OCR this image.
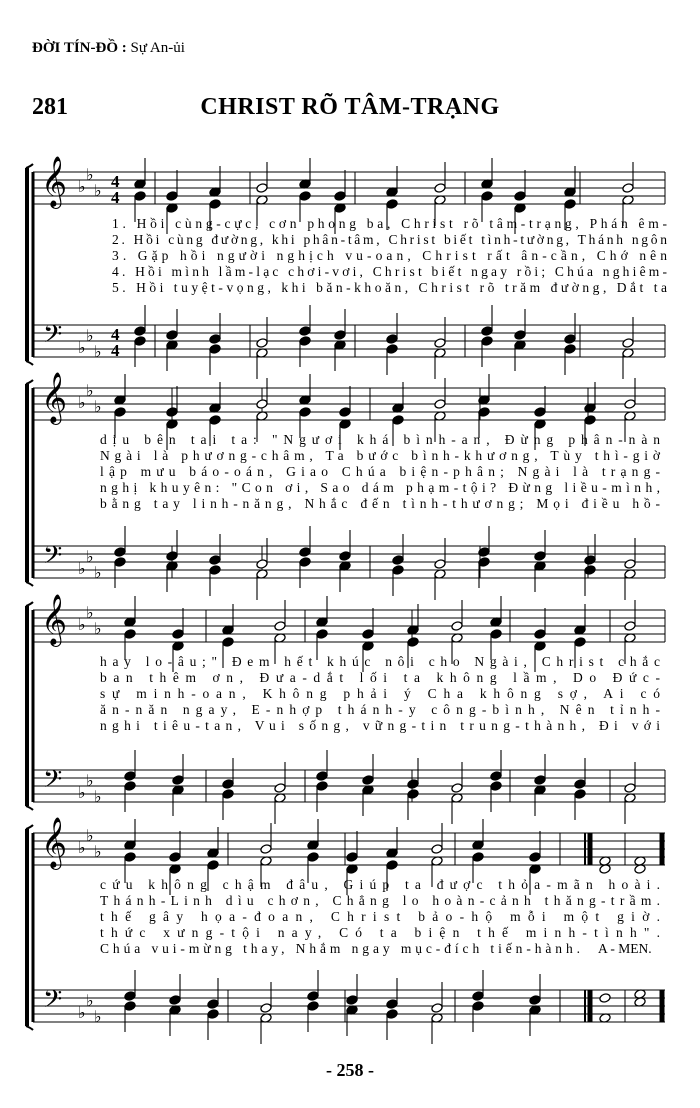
ĐỜI TÍN-ĐỒ : Sự An-ủi
281	CHRIST RÕ TÂM-TRẠNG
𝄞
𝄢
♭
♭
♭
♭
♭
♭
4
4
4
4
1. Hồi cùng-cực, cơn phong ba, Christ rõ tâm-trạng, Phán êm-
2. Hồi cùng đường, khi phân-tâm, Christ biết tình-tường, Thánh ngôn
3. Gặp hồi người nghịch vu-oan, Christ rất ân-cần, Chớ nên
4. Hồi mình lầm-lạc chơi-vơi, Christ biết ngay rồi; Chúa nghiêm-
5. Hồi tuyệt-vọng, khi băn-khoăn, Christ rõ trăm đường, Dắt ta
𝄞
𝄢
♭
♭
♭
♭
♭
♭
dịu bên tai ta: "Ngươi khá bình-an, Đừng phân-nàn
Ngài là phương-châm, Ta bước bình-khương, Tùy thì-giờ
lập mưu báo-oán, Giao Chúa biện-phân; Ngài là trạng-
nghị khuyên: "Con ơi, Sao dám phạm-tội? Đừng liều-mình,
bằng tay linh-năng, Nhắc đến tình-thương; Mọi điều hồ-
𝄞
𝄢
♭
♭
♭
♭
♭
♭
hay lo-âu;" Đem hết khúc nôi cho Ngài, Christ chắc
ban thêm ơn, Đưa-dắt lối ta không lầm, Do Đức-
sự minh-oan, Không phải ý Cha không sợ, Ai có
ăn-năn ngay, E-nhợp thánh-y công-bình, Nên tỉnh-
nghi tiêu-tan, Vui sống, vững-tin trung-thành, Đi với
𝄞
𝄢
♭
♭
♭
♭
♭
♭
cứu không chậm đâu, Giúp ta được thỏa-mãn hoài.
Thánh-Linh dìu chơn, Chẳng lo hoàn-cảnh thăng-trầm.
thế gây họa-đoan, Christ bảo-hộ mỗi một giờ.
thức xưng-tội nay, Có ta biện thế minh-tình".
Chúa vui-mừng thay, Nhắm ngay mục-đích tiến-hành. A - MEN.
- 258 -
